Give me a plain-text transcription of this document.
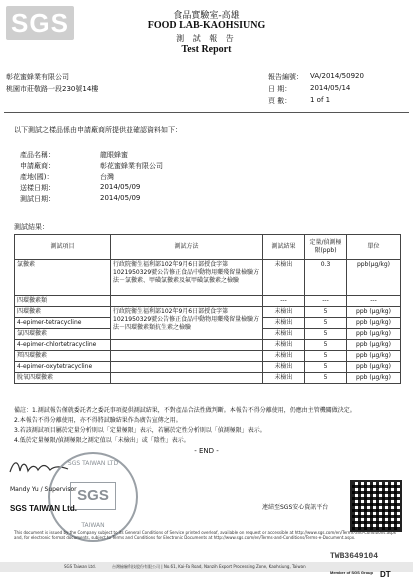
SGS	食品實驗室-高雄
FOOD LAB-KAOHSIUNG
測 試 報 告
Test Report
彰花蜜蜂業有限公司
桃園市莊敬路一段230號14樓
報告編號： VA/2014/50920
日 期：	2014/05/14
頁 數：	1 of 1
以下測試之樣品係由申請廠商所提供並確認資料如下：
產品名稱：	龍眼蜂蜜
申請廠商：	彰花蜜蜂業有限公司
產地(國)：	台灣
送樣日期：	2014/05/09
測試日期：	2014/05/09
測試結果：
測試項目	測試方法	測試結果	定量/偵測極限(ppb)	單位
氯黴素	行政院衛生福利部102年9月6日部授食字第1021950329號公告修正食品中動物用藥殘留量檢驗方法－氯黴素、甲磺氯黴素及氟甲磺氯黴素之檢驗	未檢出	0.3	ppb(μg/kg)
四環黴素類		---	---	---
四環黴素	行政院衛生福利部102年9月6日部授食字第1021950329號公告修正食品中動物用藥殘留量檢驗方法－四環黴素類抗生素之檢驗	未檢出	5	ppb (μg/kg)
4-epimer-tetracycline		未檢出	5	ppb (μg/kg)
氯四環黴素		未檢出	5	ppb (μg/kg)
4-epimer-chlortetracycline		未檢出	5	ppb (μg/kg)
羥四環黴素		未檢出	5	ppb (μg/kg)
4-epimer-oxytetracycline		未檢出	5	ppb (μg/kg)
脫氧四環黴素		未檢出	5	ppb (μg/kg)
備註：1.測試報告僅就委託者之委託事項提供測試結果，不對產品合法性做判斷。本報告不得分離使用，仍應由主管機關做決定。
2.本報告不得分離使用，亦不得將試驗結果作為廣告宣傳之用。
3.若該測試項目屬於定量分析則以「定量極限」表示，若屬於定性分析則以「偵測極限」表示。
4.低於定量極限/偵測極限之測定值以「未檢出」或「陰性」表示。
- END -
SGS TAIWAN LTD
SGS
TAIWAN
Mandy Yu / Supervisor
SGS TAIWAN Ltd.	連結至SGS安心資訊平台
This document is issued by the Company subject to its General Conditions of Service printed overleaf, available on request or accessible at http://www.sgs.com/en/Terms-and-Conditions.aspx and, for electronic format documents, subject to Terms and Conditions for Electronic Documents at http://www.sgs.com/en/Terms-and-Conditions/Terms-e-Document.aspx.
TWB3649104
SGS Taiwan Ltd.	台灣檢驗科技股份有限公司 | No.61, Kai-Fa Road, Nanzih Export Processing Zone, Kaohsiung, Taiwan
Member of SGS Group DT
